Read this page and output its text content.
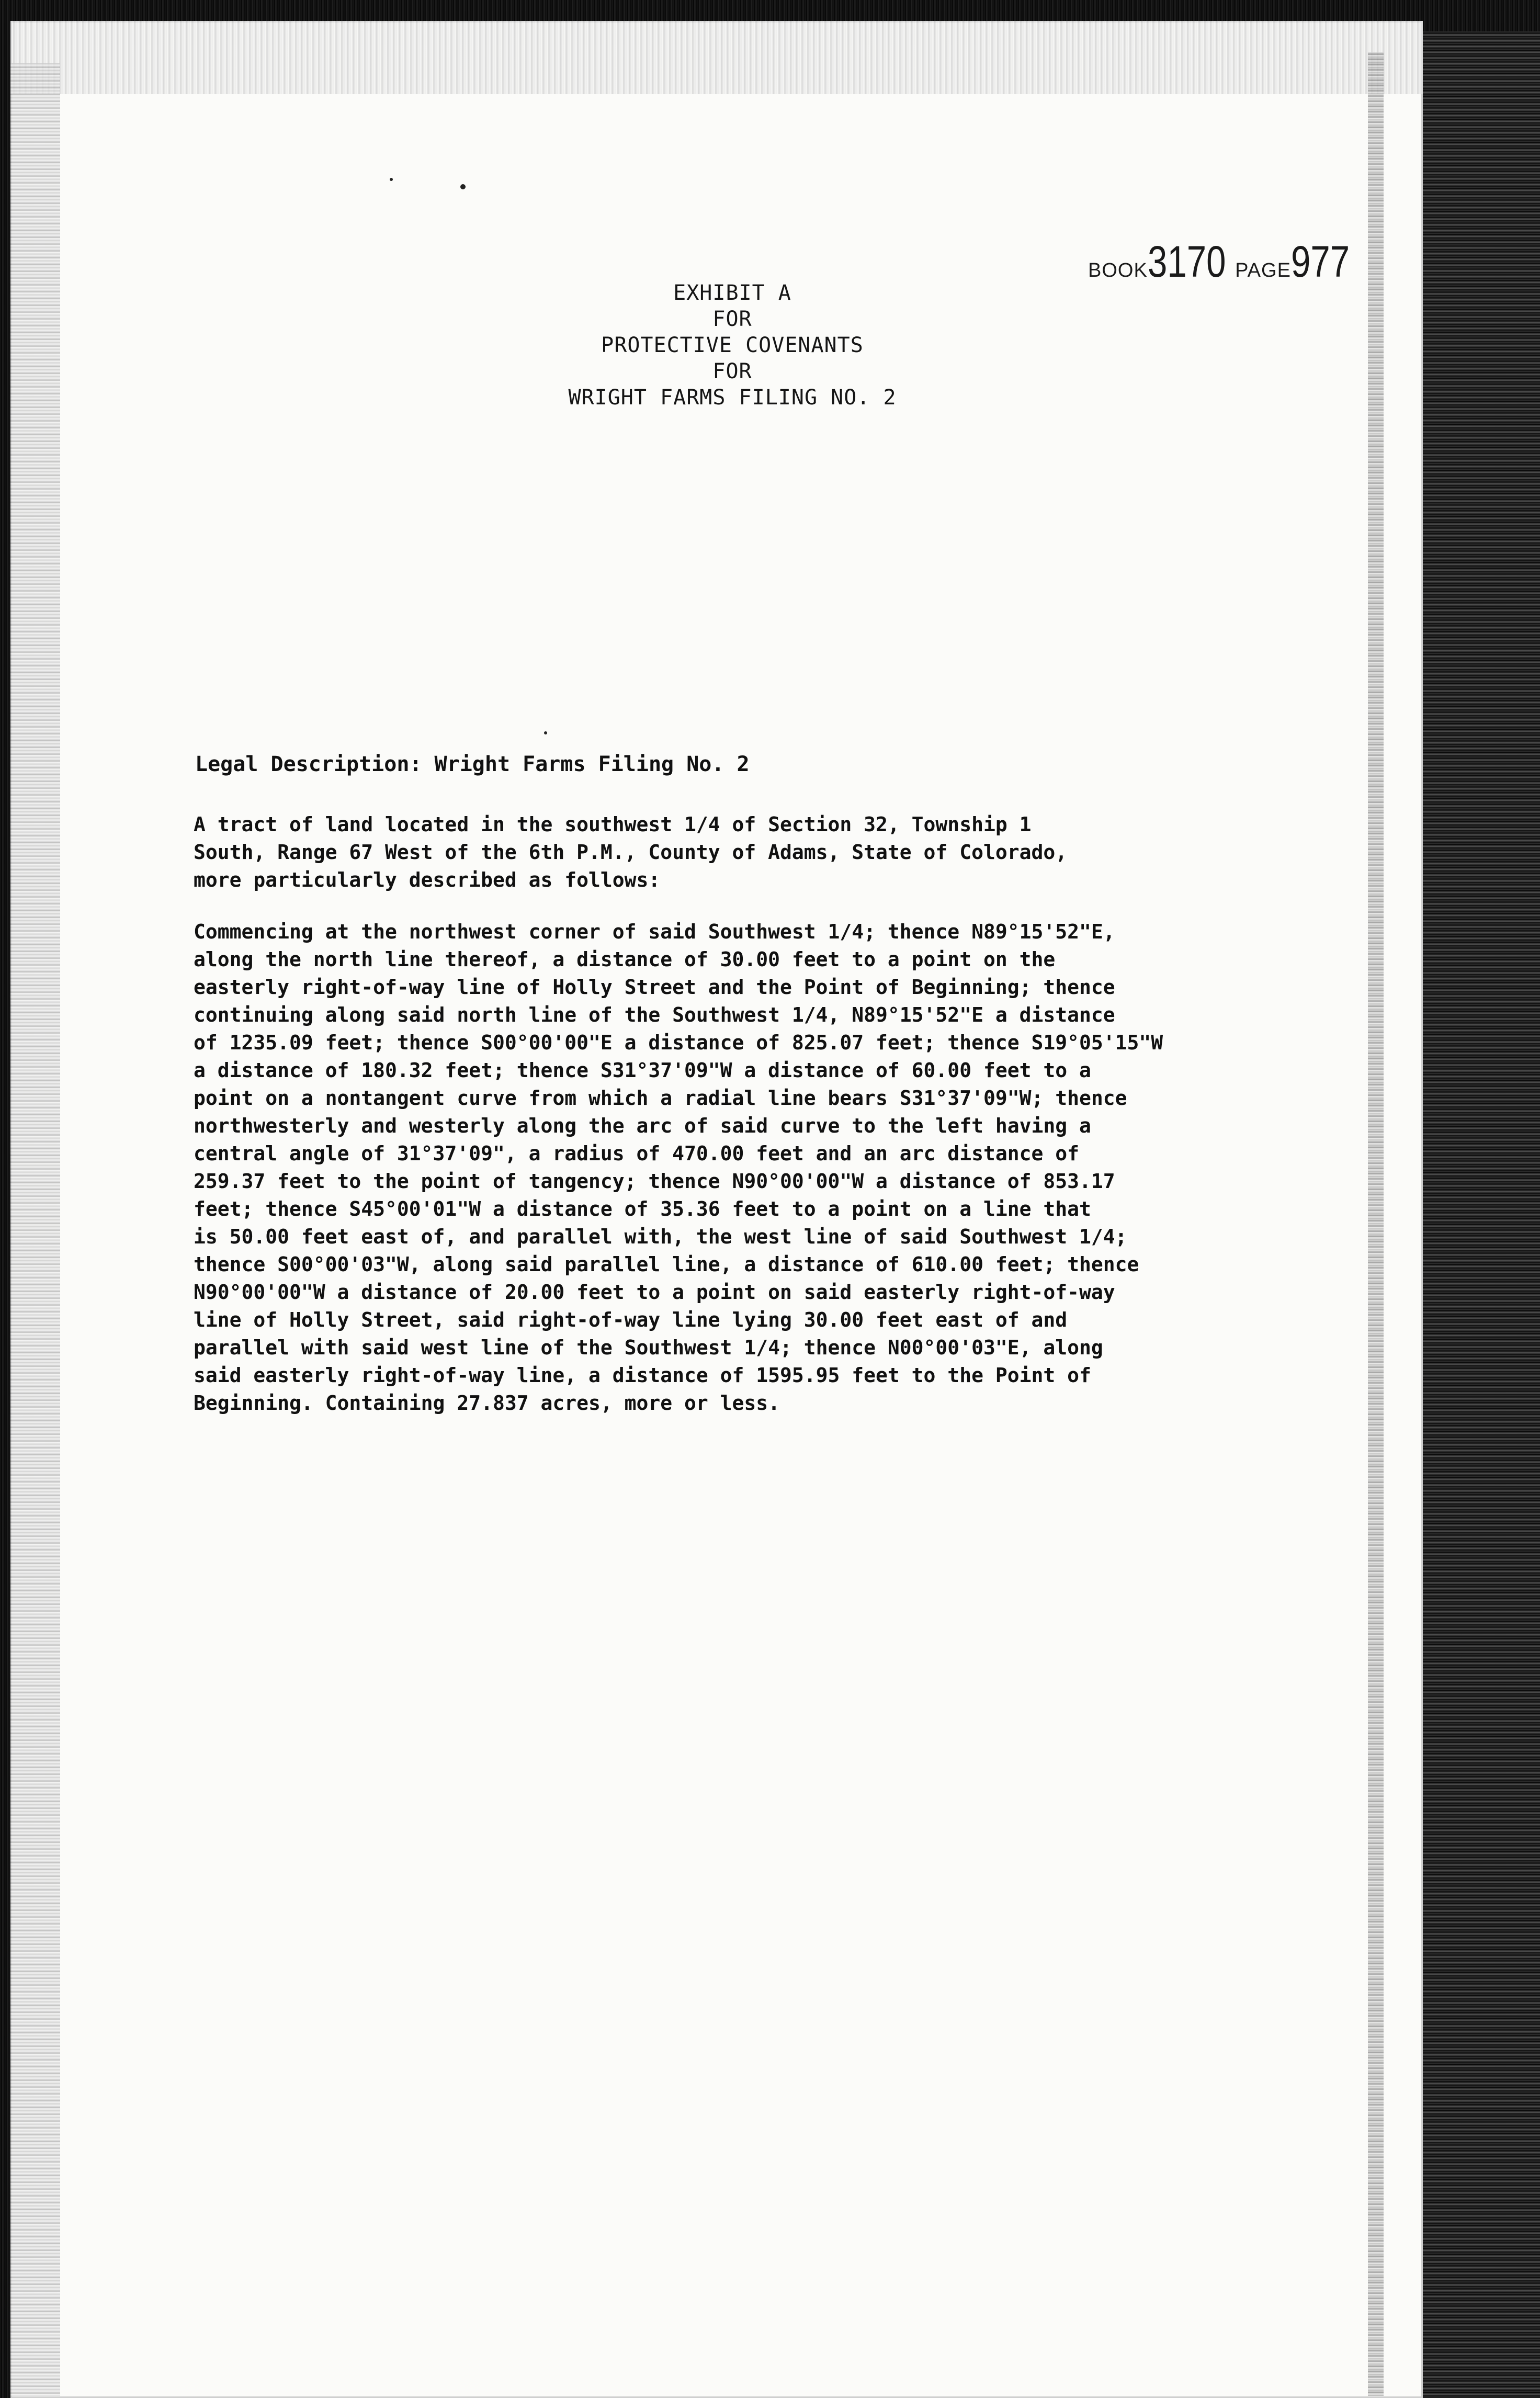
BOOK3170 PAGE977
EXHIBIT A
FOR
PROTECTIVE COVENANTS
FOR
WRIGHT FARMS FILING NO. 2
Legal Description: Wright Farms Filing No. 2
A tract of land located in the southwest 1/4 of Section 32, Township 1
South, Range 67 West of the 6th P.M., County of Adams, State of Colorado,
more particularly described as follows:
Commencing at the northwest corner of said Southwest 1/4; thence N89°15'52"E,
along the north line thereof, a distance of 30.00 feet to a point on the
easterly right-of-way line of Holly Street and the Point of Beginning; thence
continuing along said north line of the Southwest 1/4, N89°15'52"E a distance
of 1235.09 feet; thence S00°00'00"E a distance of 825.07 feet; thence S19°05'15"W
a distance of 180.32 feet; thence S31°37'09"W a distance of 60.00 feet to a
point on a nontangent curve from which a radial line bears S31°37'09"W; thence
northwesterly and westerly along the arc of said curve to the left having a
central angle of 31°37'09", a radius of 470.00 feet and an arc distance of
259.37 feet to the point of tangency; thence N90°00'00"W a distance of 853.17
feet; thence S45°00'01"W a distance of 35.36 feet to a point on a line that
is 50.00 feet east of, and parallel with, the west line of said Southwest 1/4;
thence S00°00'03"W, along said parallel line, a distance of 610.00 feet; thence
N90°00'00"W a distance of 20.00 feet to a point on said easterly right-of-way
line of Holly Street, said right-of-way line lying 30.00 feet east of and
parallel with said west line of the Southwest 1/4; thence N00°00'03"E, along
said easterly right-of-way line, a distance of 1595.95 feet to the Point of
Beginning. Containing 27.837 acres, more or less.
